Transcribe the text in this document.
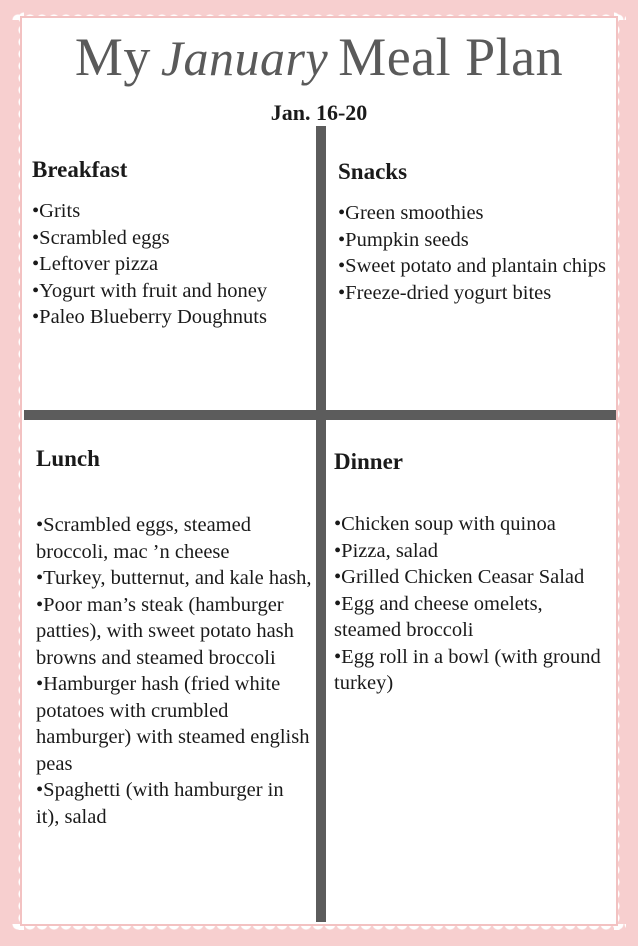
My January Meal Plan
Jan. 16-20
Breakfast
•Grits
•Scrambled eggs
•Leftover pizza
•Yogurt with fruit and honey
•Paleo Blueberry Doughnuts
Snacks
•Green smoothies
•Pumpkin seeds
•Sweet potato and plantain chips
•Freeze-dried yogurt bites
Lunch
•Scrambled eggs, steamed broccoli, mac ’n cheese
•Turkey, butternut, and kale hash,
•Poor man’s steak (hamburger patties), with sweet potato hash browns and steamed broccoli
•Hamburger hash (fried white potatoes with crumbled hamburger) with steamed english peas
•Spaghetti (with hamburger in it), salad
Dinner
•Chicken soup with quinoa
•Pizza, salad
•Grilled Chicken Ceasar Salad
•Egg and cheese omelets, steamed broccoli
•Egg roll in a bowl (with ground turkey)
